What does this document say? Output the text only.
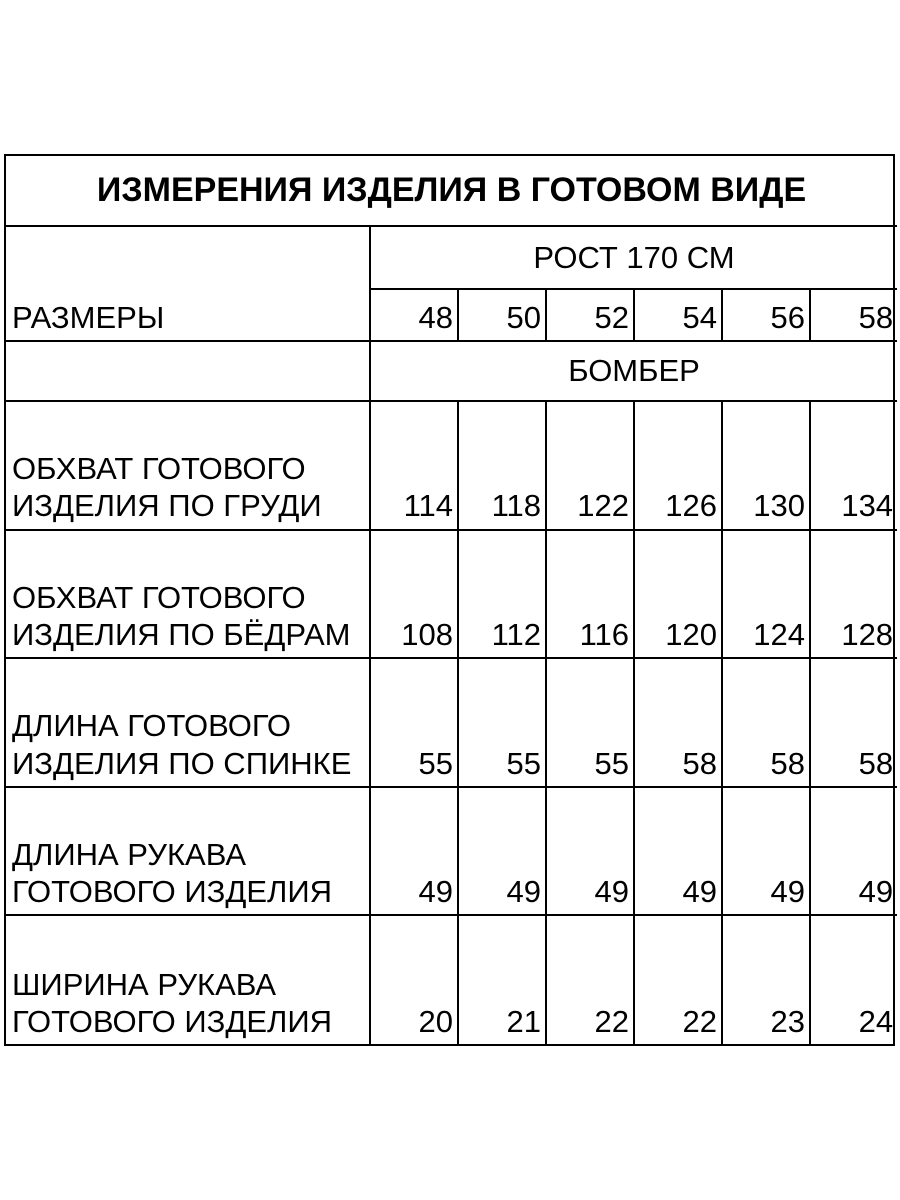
ИЗМЕРЕНИЯ ИЗДЕЛИЯ В ГОТОВОМ ВИДЕ						
РАЗМЕРЫ	РОСТ 170 СМ					
	48	50	52	54	56	58
	БОМБЕР					

ОБХВАТ ГОТОВОГО
ИЗДЕЛИЯ ПО ГРУДИ	114	118	122	126	130	134

ОБХВАТ ГОТОВОГО
ИЗДЕЛИЯ ПО БЁДРАМ	108	112	116	120	124	128

ДЛИНА ГОТОВОГО
ИЗДЕЛИЯ ПО СПИНКЕ	55	55	55	58	58	58

ДЛИНА РУКАВА
ГОТОВОГО ИЗДЕЛИЯ	49	49	49	49	49	49

ШИРИНА РУКАВА
ГОТОВОГО ИЗДЕЛИЯ	20	21	22	22	23	24
